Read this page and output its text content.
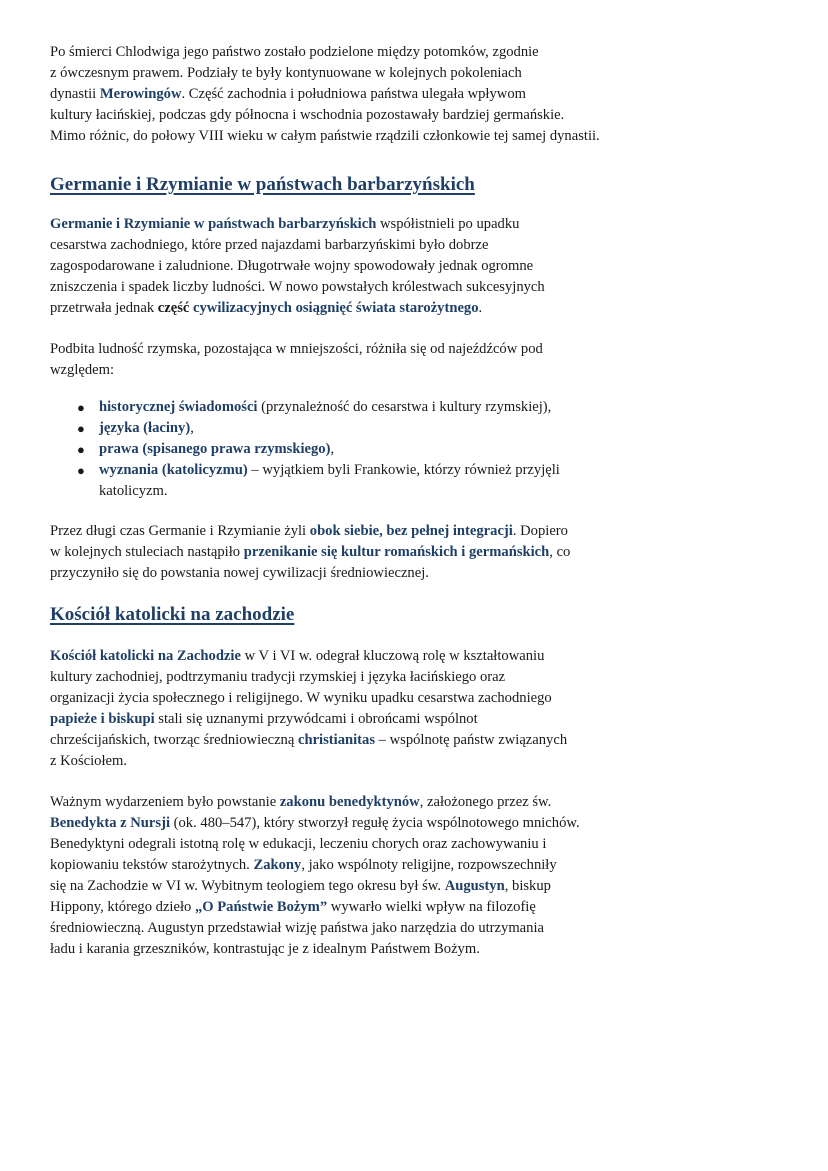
Po śmierci Chlodwiga jego państwo zostało podzielone między potomków, zgodnie
z ówczesnym prawem. Podziały te były kontynuowane w kolejnych pokoleniach
dynastii Merowingów. Część zachodnia i południowa państwa ulegała wpływom
kultury łacińskiej, podczas gdy północna i wschodnia pozostawały bardziej germańskie.
Mimo różnic, do połowy VIII wieku w całym państwie rządzili członkowie tej samej dynastii.

Germanie i Rzymianie w państwach barbarzyńskich

Germanie i Rzymianie w państwach barbarzyńskich współistnieli po upadku
cesarstwa zachodniego, które przed najazdami barbarzyńskimi było dobrze
zagospodarowane i zaludnione. Długotrwałe wojny spowodowały jednak ogromne
zniszczenia i spadek liczby ludności. W nowo powstałych królestwach sukcesyjnych
przetrwała jednak część cywilizacyjnych osiągnięć świata starożytnego.

Podbita ludność rzymska, pozostająca w mniejszości, różniła się od najeźdźców pod
względem:

● historycznej świadomości (przynależność do cesarstwa i kultury rzymskiej),
● języka (łaciny),
● prawa (spisanego prawa rzymskiego),
● wyznania (katolicyzmu) – wyjątkiem byli Frankowie, którzy również przyjęli
katolicyzm.

Przez długi czas Germanie i Rzymianie żyli obok siebie, bez pełnej integracji. Dopiero
w kolejnych stuleciach nastąpiło przenikanie się kultur romańskich i germańskich, co
przyczyniło się do powstania nowej cywilizacji średniowiecznej.

Kościół katolicki na zachodzie

Kościół katolicki na Zachodzie w V i VI w. odegrał kluczową rolę w kształtowaniu
kultury zachodniej, podtrzymaniu tradycji rzymskiej i języka łacińskiego oraz
organizacji życia społecznego i religijnego. W wyniku upadku cesarstwa zachodniego
papieże i biskupi stali się uznanymi przywódcami i obrońcami wspólnot
chrześcijańskich, tworząc średniowieczną christianitas – wspólnotę państw związanych
z Kościołem.

Ważnym wydarzeniem było powstanie zakonu benedyktynów, założonego przez św.
Benedykta z Nursji (ok. 480–547), który stworzył regułę życia wspólnotowego mnichów.
Benedyktyni odegrali istotną rolę w edukacji, leczeniu chorych oraz zachowywaniu i
kopiowaniu tekstów starożytnych. Zakony, jako wspólnoty religijne, rozpowszechniły
się na Zachodzie w VI w. Wybitnym teologiem tego okresu był św. Augustyn, biskup
Hippony, którego dzieło „O Państwie Bożym” wywarło wielki wpływ na filozofię
średniowieczną. Augustyn przedstawiał wizję państwa jako narzędzia do utrzymania
ładu i karania grzeszników, kontrastując je z idealnym Państwem Bożym.
